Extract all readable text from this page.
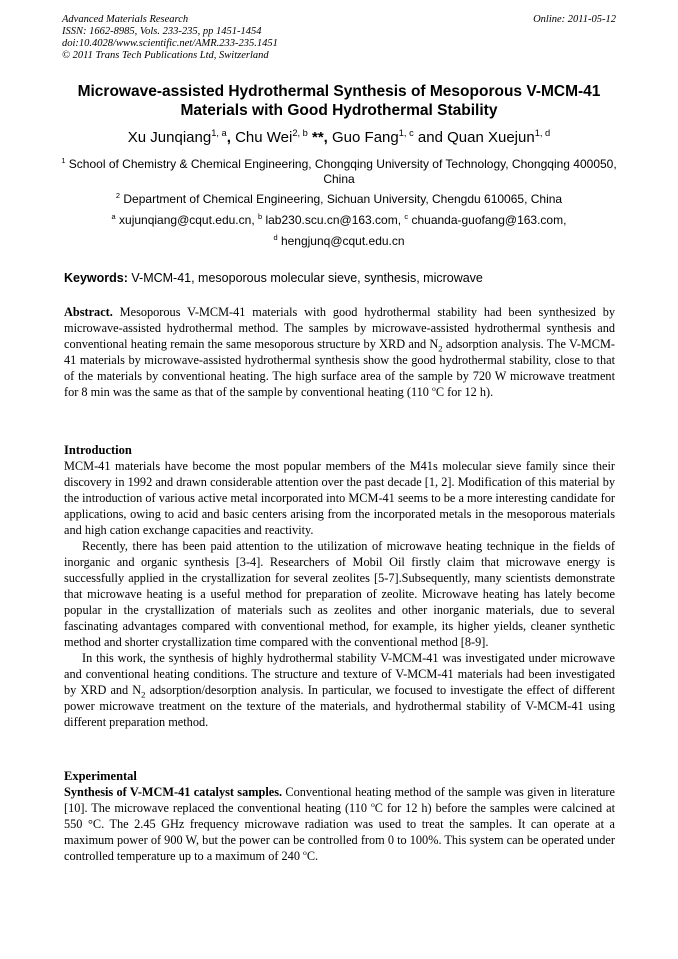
Advanced Materials Research
ISSN: 1662-8985, Vols. 233-235, pp 1451-1454
doi:10.4028/www.scientific.net/AMR.233-235.1451
© 2011 Trans Tech Publications Ltd, Switzerland
Online: 2011-05-12
Microwave-assisted Hydrothermal Synthesis of Mesoporous V-MCM-41
Materials with Good Hydrothermal Stability
Xu Junqiang$^{1, a}$, Chu Wei$^{2, b}$ **, Guo Fang$^{1, c}$ and Quan Xuejun$^{1, d}$
$^1$ School of Chemistry & Chemical Engineering, Chongqing University of Technology, Chongqing 400050, China
$^2$ Department of Chemical Engineering, Sichuan University, Chengdu 610065, China
$^a$ xujunqiang@cqut.edu.cn, $^b$ lab230.scu.cn@163.com, $^c$ chuanda-guofang@163.com,
$^d$ hengjunq@cqut.edu.cn
Keywords: V-MCM-41, mesoporous molecular sieve, synthesis, microwave

Abstract. Mesoporous V-MCM-41 materials with good hydrothermal stability had been synthesized by microwave-assisted hydrothermal method. The samples by microwave-assisted hydrothermal synthesis and conventional heating remain the same mesoporous structure by XRD and $N_2$ adsorption analysis. The V-MCM-41 materials by microwave-assisted hydrothermal synthesis show the good hydrothermal stability, close to that of the materials by conventional heating. The high surface area of the sample by 720 W microwave treatment for 8 min was the same as that of the sample by conventional heating (110 $^o$C for 12 h).

Introduction

MCM-41 materials have become the most popular members of the M41s molecular sieve family since their discovery in 1992 and drawn considerable attention over the past decade [1, 2]. Modification of this material by the introduction of various active metal incorporated into MCM-41 seems to be a more interesting candidate for applications, owing to acid and basic centers arising from the incorporated metals in the mesoporous materials and high cation exchange capacities and reactivity.

Recently, there has been paid attention to the utilization of microwave heating technique in the fields of inorganic and organic synthesis [3-4]. Researchers of Mobil Oil firstly claim that microwave energy is successfully applied in the crystallization for several zeolites [5-7].Subsequently, many scientists demonstrate that microwave heating is a useful method for preparation of zeolite. Microwave heating has lately become popular in the crystallization of materials such as zeolites and other inorganic materials, due to several fascinating advantages compared with conventional method, for example, its higher yields, cleaner synthetic method and shorter crystallization time compared with the conventional method [8-9].

In this work, the synthesis of highly hydrothermal stability V-MCM-41 was investigated under microwave and conventional heating conditions. The structure and texture of V-MCM-41 materials had been investigated by XRD and $N_2$ adsorption/desorption analysis. In particular, we focused to investigate the effect of different power microwave treatment on the texture of the materials, and hydrothermal stability of V-MCM-41 using different preparation method.

Experimental

Synthesis of V-MCM-41 catalyst samples. Conventional heating method of the sample was given in literature [10]. The microwave replaced the conventional heating (110 $^o$C for 12 h) before the samples were calcined at 550 °C. The 2.45 GHz frequency microwave radiation was used to treat the samples. It can operate at a maximum power of 900 W, but the power can be controlled from 0 to 100%. This system can be operated under controlled temperature up to a maximum of 240 $^o$C.
